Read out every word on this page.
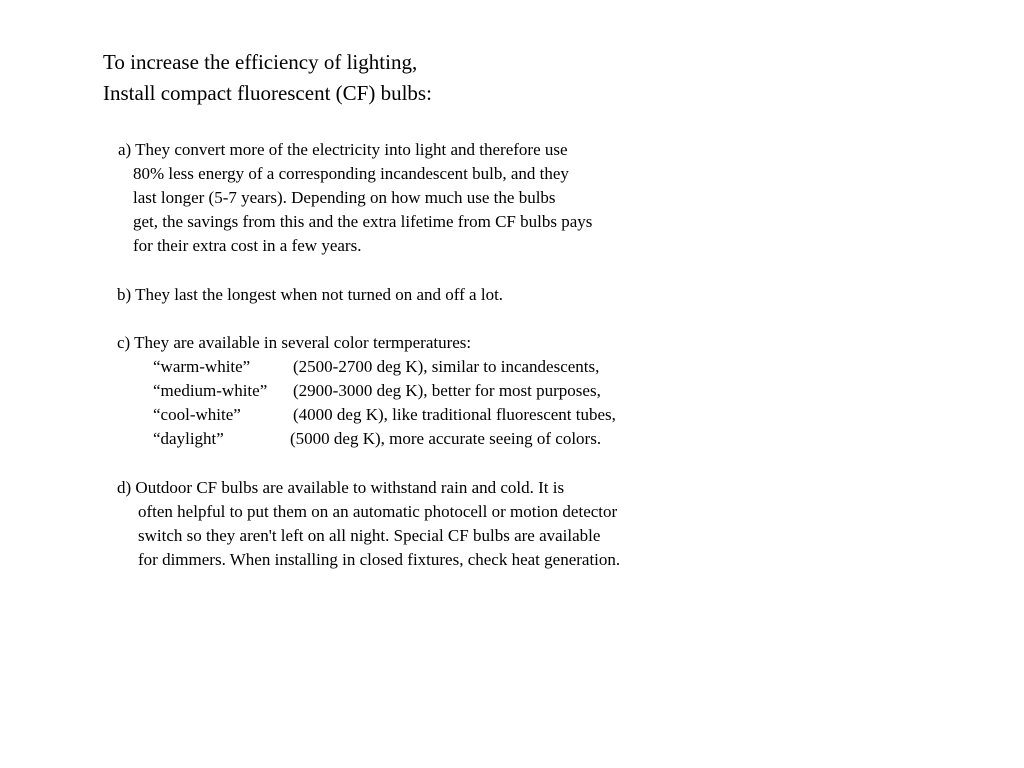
To increase the efficiency of lighting,
Install compact fluorescent (CF) bulbs:
a) They convert more of the electricity into light and therefore use
80% less energy of a corresponding incandescent bulb, and they
last longer (5-7 years). Depending on how much use the bulbs
get, the savings from this and the extra lifetime from CF bulbs pays
for their extra cost in a few years.
b) They last the longest when not turned on and off a lot.
c) They are available in several color termperatures:
“warm-white”	(2500-2700 deg K), similar to incandescents,
“medium-white” (2900-3000 deg K), better for most purposes,
“cool-white”	(4000 deg K), like traditional fluorescent tubes,
“daylight”	(5000 deg K), more accurate seeing of colors.
d) Outdoor CF bulbs are available to withstand rain and cold. It is
often helpful to put them on an automatic photocell or motion detector
switch so they aren't left on all night. Special CF bulbs are available
for dimmers. When installing in closed fixtures, check heat generation.
